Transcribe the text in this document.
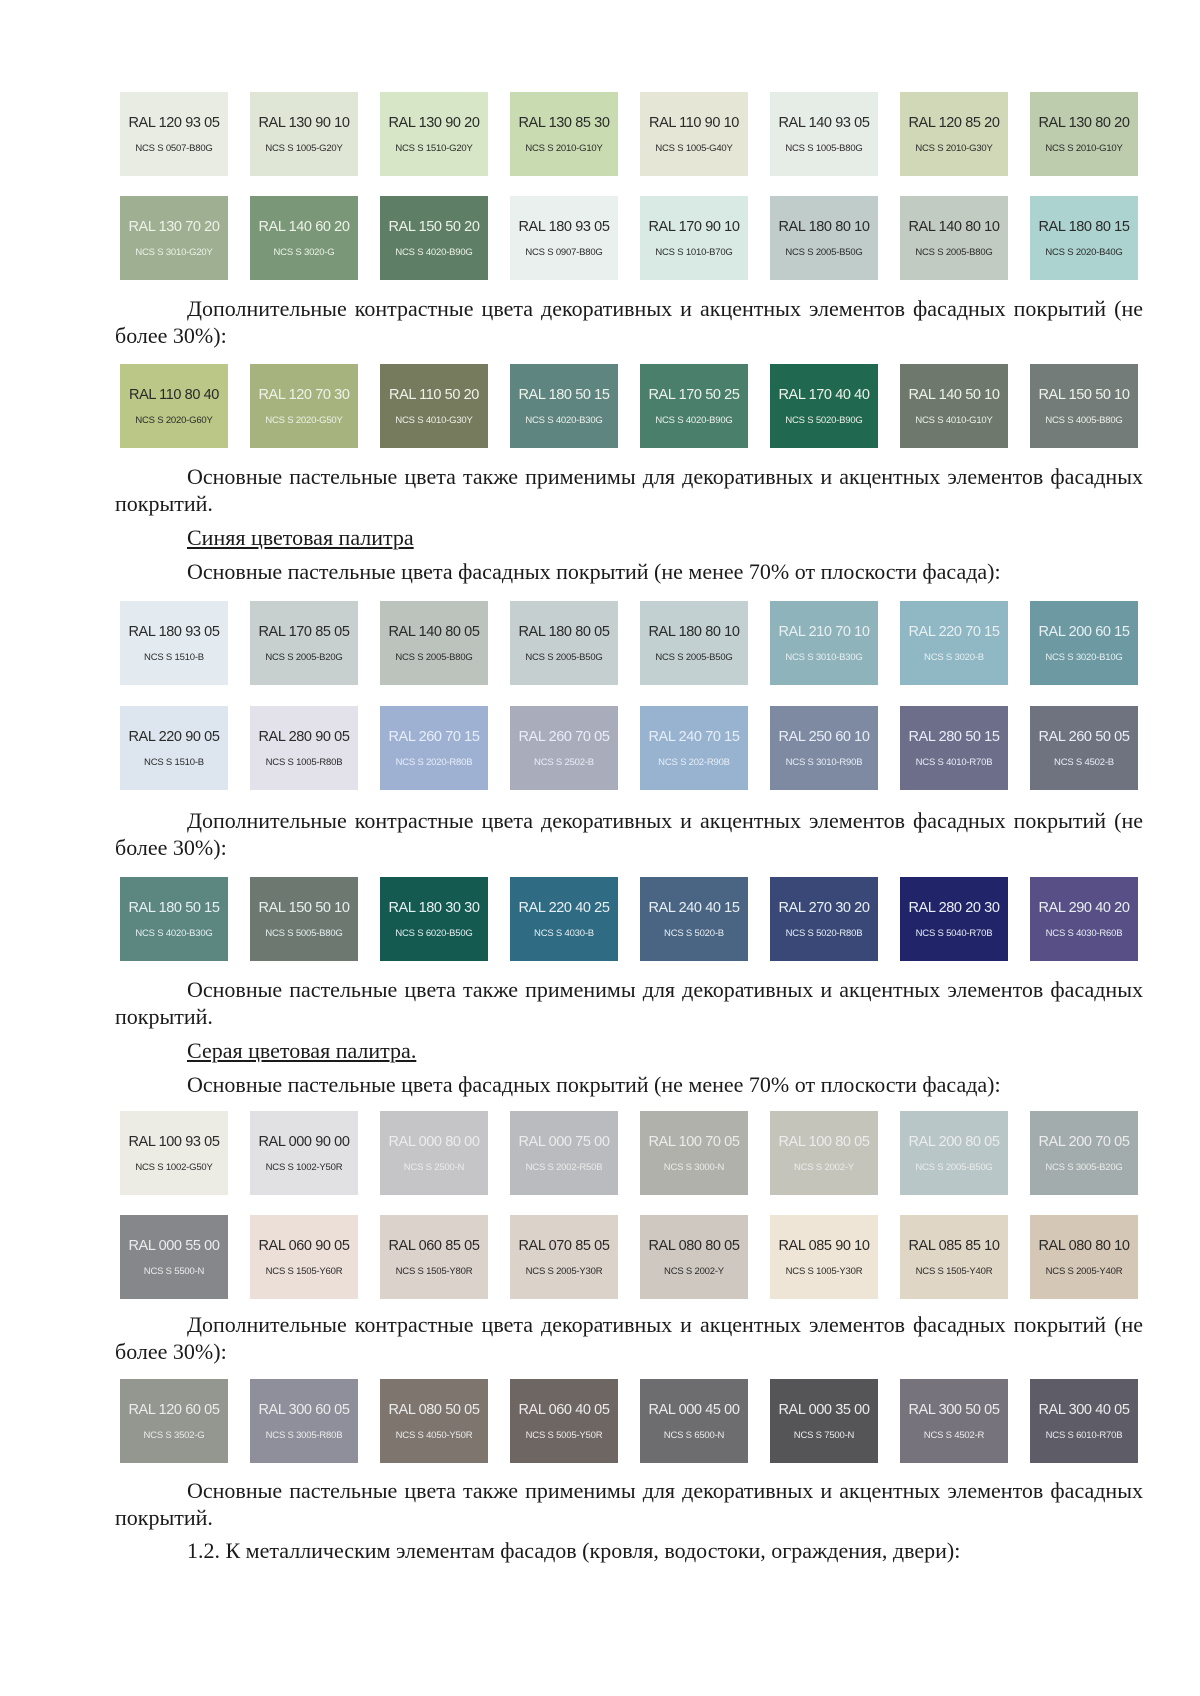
RAL 120 93 05
NCS S 0507-B80G
RAL 130 90 10
NCS S 1005-G20Y
RAL 130 90 20
NCS S 1510-G20Y
RAL 130 85 30
NCS S 2010-G10Y
RAL 110 90 10
NCS S 1005-G40Y
RAL 140 93 05
NCS S 1005-B80G
RAL 120 85 20
NCS S 2010-G30Y
RAL 130 80 20
NCS S 2010-G10Y
RAL 130 70 20
NCS S 3010-G20Y
RAL 140 60 20
NCS S 3020-G
RAL 150 50 20
NCS S 4020-B90G
RAL 180 93 05
NCS S 0907-B80G
RAL 170 90 10
NCS S 1010-B70G
RAL 180 80 10
NCS S 2005-B50G
RAL 140 80 10
NCS S 2005-B80G
RAL 180 80 15
NCS S 2020-B40G

Дополнительные контрастные цвета декоративных и акцентных элементов фасадных покрытий (не более 30%):

RAL 110 80 40
NCS S 2020-G60Y
RAL 120 70 30
NCS S 2020-G50Y
RAL 110 50 20
NCS S 4010-G30Y
RAL 180 50 15
NCS S 4020-B30G
RAL 170 50 25
NCS S 4020-B90G
RAL 170 40 40
NCS S 5020-B90G
RAL 140 50 10
NCS S 4010-G10Y
RAL 150 50 10
NCS S 4005-B80G

Основные пастельные цвета также применимы для декоративных и акцентных элементов фасадных покрытий.

Синяя цветовая палитра

Основные пастельные цвета фасадных покрытий (не менее 70% от плоскости фасада):

RAL 180 93 05
NCS S 1510-B
RAL 170 85 05
NCS S 2005-B20G
RAL 140 80 05
NCS S 2005-B80G
RAL 180 80 05
NCS S 2005-B50G
RAL 180 80 10
NCS S 2005-B50G
RAL 210 70 10
NCS S 3010-B30G
RAL 220 70 15
NCS S 3020-B
RAL 200 60 15
NCS S 3020-B10G
RAL 220 90 05
NCS S 1510-B
RAL 280 90 05
NCS S 1005-R80B
RAL 260 70 15
NCS S 2020-R80B
RAL 260 70 05
NCS S 2502-B
RAL 240 70 15
NCS S 202-R90B
RAL 250 60 10
NCS S 3010-R90B
RAL 280 50 15
NCS S 4010-R70B
RAL 260 50 05
NCS S 4502-B

Дополнительные контрастные цвета декоративных и акцентных элементов фасадных покрытий (не более 30%):

RAL 180 50 15
NCS S 4020-B30G
RAL 150 50 10
NCS S 5005-B80G
RAL 180 30 30
NCS S 6020-B50G
RAL 220 40 25
NCS S 4030-B
RAL 240 40 15
NCS S 5020-B
RAL 270 30 20
NCS S 5020-R80B
RAL 280 20 30
NCS S 5040-R70B
RAL 290 40 20
NCS S 4030-R60B

Основные пастельные цвета также применимы для декоративных и акцентных элементов фасадных покрытий.

Серая цветовая палитра.

Основные пастельные цвета фасадных покрытий (не менее 70% от плоскости фасада):

RAL 100 93 05
NCS S 1002-G50Y
RAL 000 90 00
NCS S 1002-Y50R
RAL 000 80 00
NCS S 2500-N
RAL 000 75 00
NCS S 2002-R50B
RAL 100 70 05
NCS S 3000-N
RAL 100 80 05
NCS S 2002-Y
RAL 200 80 05
NCS S 2005-B50G
RAL 200 70 05
NCS S 3005-B20G
RAL 000 55 00
NCS S 5500-N
RAL 060 90 05
NCS S 1505-Y60R
RAL 060 85 05
NCS S 1505-Y80R
RAL 070 85 05
NCS S 2005-Y30R
RAL 080 80 05
NCS S 2002-Y
RAL 085 90 10
NCS S 1005-Y30R
RAL 085 85 10
NCS S 1505-Y40R
RAL 080 80 10
NCS S 2005-Y40R

Дополнительные контрастные цвета декоративных и акцентных элементов фасадных покрытий (не более 30%):

RAL 120 60 05
NCS S 3502-G
RAL 300 60 05
NCS S 3005-R80B
RAL 080 50 05
NCS S 4050-Y50R
RAL 060 40 05
NCS S 5005-Y50R
RAL 000 45 00
NCS S 6500-N
RAL 000 35 00
NCS S 7500-N
RAL 300 50 05
NCS S 4502-R
RAL 300 40 05
NCS S 6010-R70B

Основные пастельные цвета также применимы для декоративных и акцентных элементов фасадных покрытий.

1.2. К металлическим элементам фасадов (кровля, водостоки, ограждения, двери):
